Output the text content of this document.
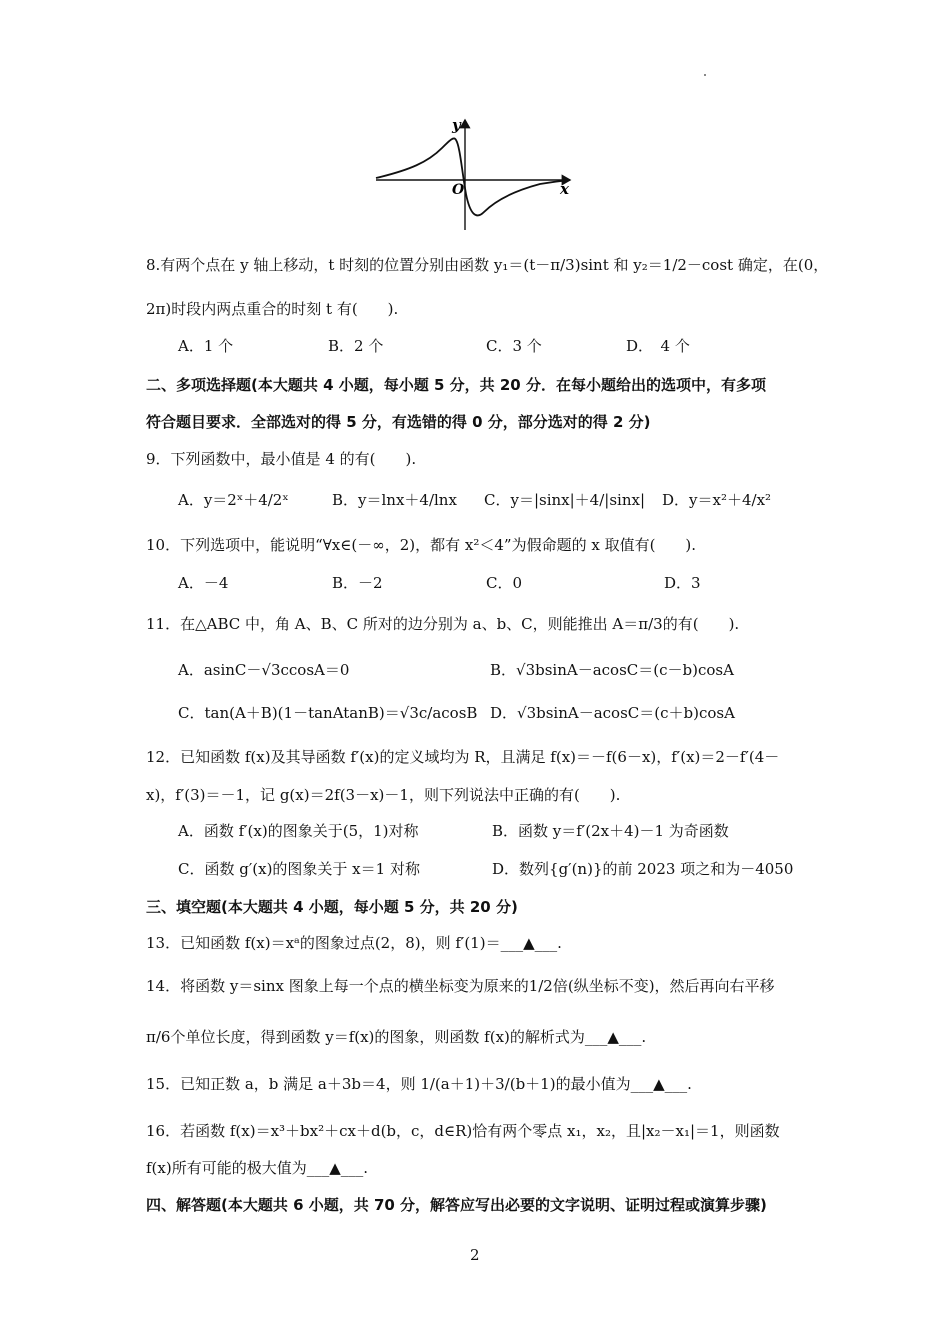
y
x
O
8.有两个点在 y 轴上移动，t 时刻的位置分别由函数 y₁＝(t－π/3)sint 和 y₂＝1/2－cost 确定，在(0，
2π)时段内两点重合的时刻 t 有(　　).
A．1 个	B．2 个	C．3 个	D．　4 个
二、多项选择题(本大题共 4 小题，每小题 5 分，共 20 分．在每小题给出的选项中，有多项
符合题目要求．全部选对的得 5 分，有选错的得 0 分，部分选对的得 2 分)
9．下列函数中，最小值是 4 的有(　　).
A．y＝2ˣ＋4/2ˣ	B．y＝lnx＋4/lnx C．y＝|sinx|＋4/|sinx| D．y＝x²＋4/x²
10．下列选项中，能说明“∀x∈(－∞，2)，都有 x²＜4”为假命题的 x 取值有(　　).
A．－4	B．－2	C．0	D．3
11．在△ABC 中，角 A、B、C 所对的边分别为 a、b、C，则能推出 A＝π/3的有(　　).
A．asinC－√3ccosA＝0	B．√3bsinA－acosC＝(c－b)cosA
C．tan(A＋B)(1－tanAtanB)＝√3c/acosB D．√3bsinA－acosC＝(c＋b)cosA
12．已知函数 f(x)及其导函数 f′(x)的定义域均为 R，且满足 f(x)＝－f(6－x)，f′(x)＝2－f′(4－
x)，f′(3)＝－1，记 g(x)＝2f(3－x)－1，则下列说法中正确的有(　　).
A．函数 f′(x)的图象关于(5，1)对称	B．函数 y＝f′(2x＋4)－1 为奇函数
C．函数 g′(x)的图象关于 x＝1 对称	D．数列{g′(n)}的前 2023 项之和为－4050
三、填空题(本大题共 4 小题，每小题 5 分，共 20 分)
13．已知函数 f(x)＝xᵃ的图象过点(2，8)，则 f′(1)＝___▲___.
14．将函数 y＝sinx 图象上每一个点的横坐标变为原来的1/2倍(纵坐标不变)，然后再向右平移
π/6个单位长度，得到函数 y＝f(x)的图象，则函数 f(x)的解析式为___▲___.
15．已知正数 a，b 满足 a＋3b＝4，则 1/(a＋1)＋3/(b＋1)的最小值为___▲___.
16．若函数 f(x)＝x³＋bx²＋cx＋d(b，c，d∈R)恰有两个零点 x₁，x₂，且|x₂－x₁|＝1，则函数
f(x)所有可能的极大值为___▲___.
四、解答题(本大题共 6 小题，共 70 分，解答应写出必要的文字说明、证明过程或演算步骤)
2
